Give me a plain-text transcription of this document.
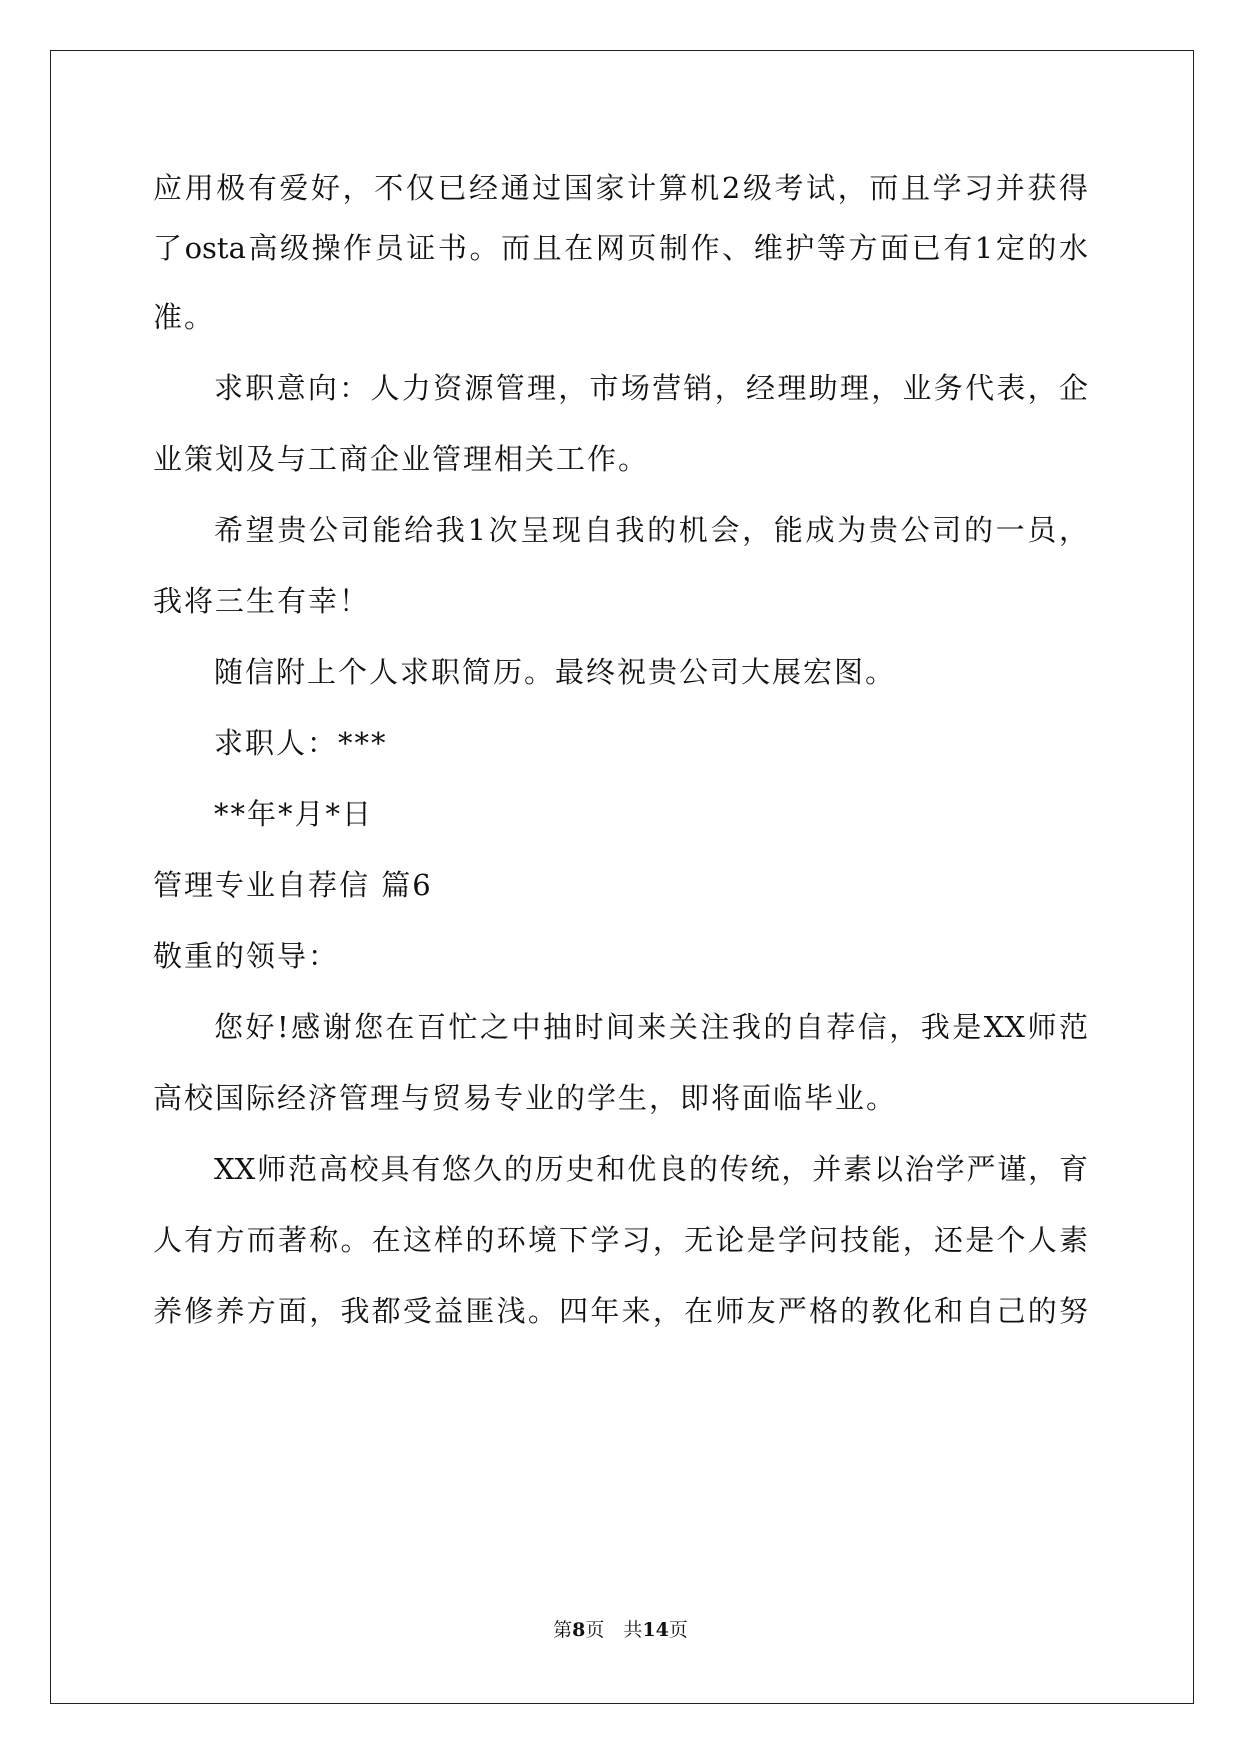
应用极有爱好，不仅已经通过国家计算机2级考试，而且学习并获得
了osta高级操作员证书。而且在网页制作、维护等方面已有1定的水
准。
求职意向：人力资源管理，市场营销，经理助理，业务代表，企
业策划及与工商企业管理相关工作。
希望贵公司能给我1次呈现自我的机会，能成为贵公司的一员，
我将三生有幸！
随信附上个人求职简历。最终祝贵公司大展宏图。
求职人：***
**年*月*日
管理专业自荐信 篇6
敬重的领导：
您好!感谢您在百忙之中抽时间来关注我的自荐信，我是XX师范
高校国际经济管理与贸易专业的学生，即将面临毕业。
XX师范高校具有悠久的历史和优良的传统，并素以治学严谨，育
人有方而著称。在这样的环境下学习，无论是学问技能，还是个人素
养修养方面，我都受益匪浅。四年来，在师友严格的教化和自己的努
第8页　共14页
